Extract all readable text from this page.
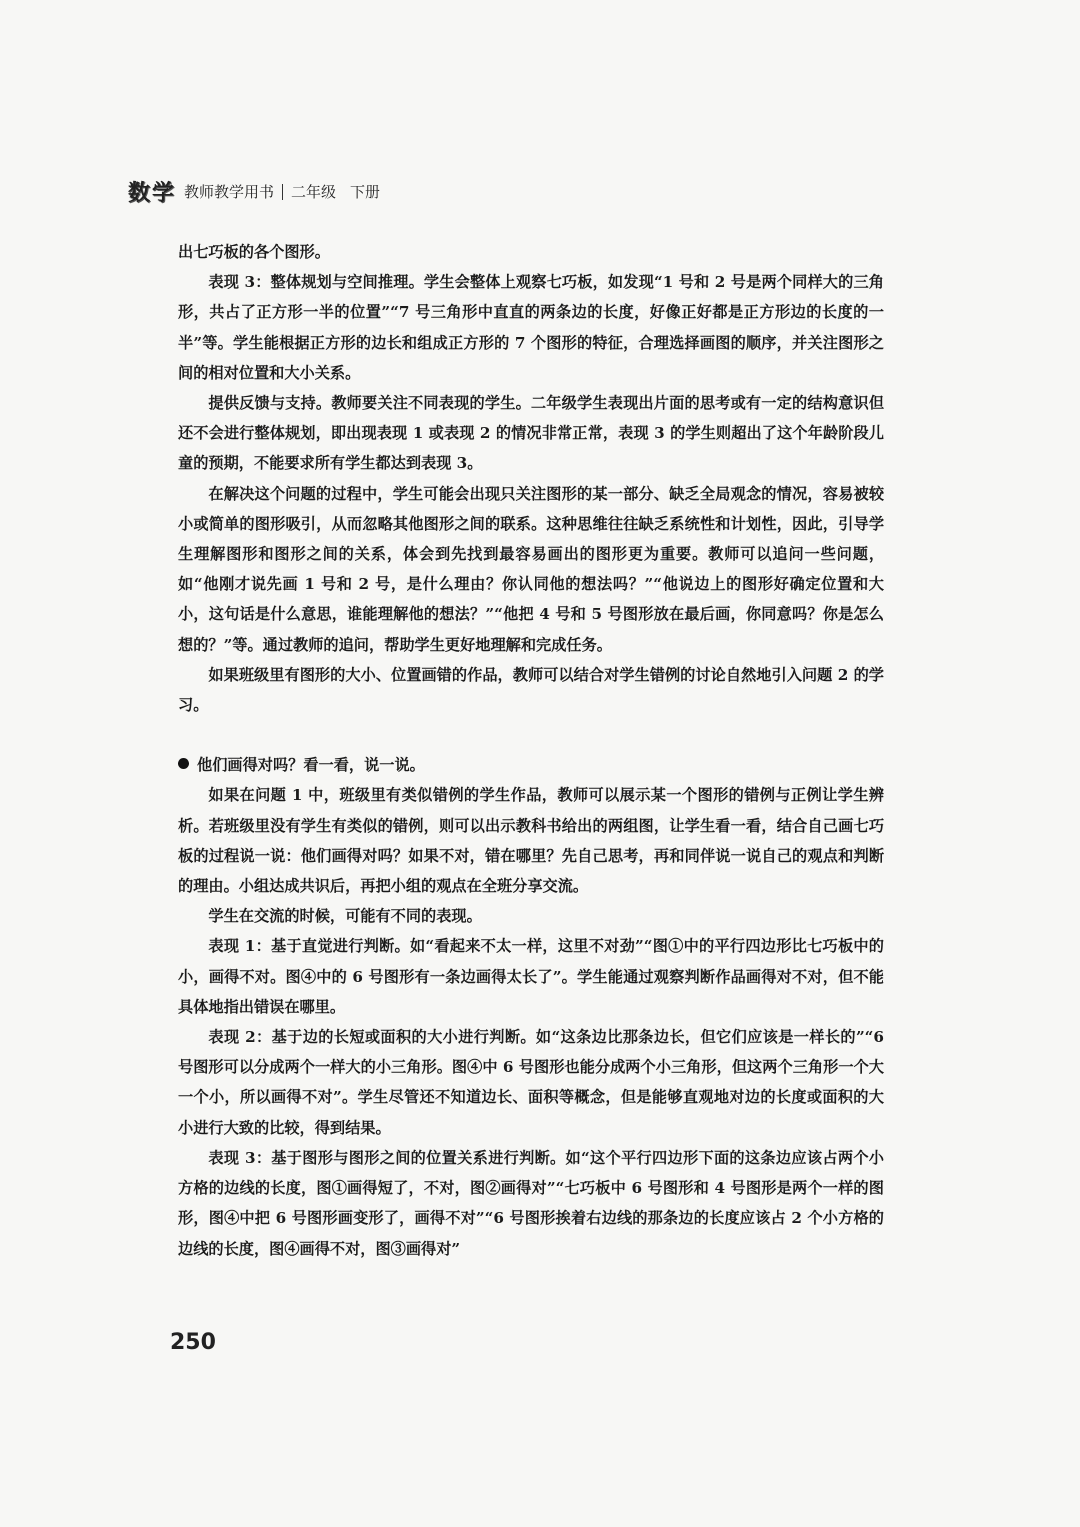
数学 教师教学用书 二年级 下册

出七巧板的各个图形。

表现 3：整体规划与空间推理。学生会整体上观察七巧板，如发现“1 号和 2 号是两个同样大的三角形，共占了正方形一半的位置”“7 号三角形中直直的两条边的长度，好像正好都是正方形边的长度的一半”等。学生能根据正方形的边长和组成正方形的 7 个图形的特征，合理选择画图的顺序，并关注图形之间的相对位置和大小关系。

提供反馈与支持。教师要关注不同表现的学生。二年级学生表现出片面的思考或有一定的结构意识但还不会进行整体规划，即出现表现 1 或表现 2 的情况非常正常，表现 3 的学生则超出了这个年龄阶段儿童的预期，不能要求所有学生都达到表现 3。

在解决这个问题的过程中，学生可能会出现只关注图形的某一部分、缺乏全局观念的情况，容易被较小或简单的图形吸引，从而忽略其他图形之间的联系。这种思维往往缺乏系统性和计划性，因此，引导学生理解图形和图形之间的关系，体会到先找到最容易画出的图形更为重要。教师可以追问一些问题，如“他刚才说先画 1 号和 2 号，是什么理由？你认同他的想法吗？”“他说边上的图形好确定位置和大小，这句话是什么意思，谁能理解他的想法？”“他把 4 号和 5 号图形放在最后画，你同意吗？你是怎么想的？”等。通过教师的追问，帮助学生更好地理解和完成任务。

如果班级里有图形的大小、位置画错的作品，教师可以结合对学生错例的讨论自然地引入问题 2 的学习。

他们画得对吗？看一看，说一说。

如果在问题 1 中，班级里有类似错例的学生作品，教师可以展示某一个图形的错例与正例让学生辨析。若班级里没有学生有类似的错例，则可以出示教科书给出的两组图，让学生看一看，结合自己画七巧板的过程说一说：他们画得对吗？如果不对，错在哪里？先自己思考，再和同伴说一说自己的观点和判断的理由。小组达成共识后，再把小组的观点在全班分享交流。

学生在交流的时候，可能有不同的表现。

表现 1：基于直觉进行判断。如“看起来不太一样，这里不对劲”“图①中的平行四边形比七巧板中的小，画得不对。图④中的 6 号图形有一条边画得太长了”。学生能通过观察判断作品画得对不对，但不能具体地指出错误在哪里。

表现 2：基于边的长短或面积的大小进行判断。如“这条边比那条边长，但它们应该是一样长的”“6 号图形可以分成两个一样大的小三角形。图④中 6 号图形也能分成两个小三角形，但这两个三角形一个大一个小，所以画得不对”。学生尽管还不知道边长、面积等概念，但是能够直观地对边的长度或面积的大小进行大致的比较，得到结果。

表现 3：基于图形与图形之间的位置关系进行判断。如“这个平行四边形下面的这条边应该占两个小方格的边线的长度，图①画得短了，不对，图②画得对”“七巧板中 6 号图形和 4 号图形是两个一样的图形，图④中把 6 号图形画变形了，画得不对”“6 号图形挨着右边线的那条边的长度应该占 2 个小方格的边线的长度，图④画得不对，图③画得对”

250
